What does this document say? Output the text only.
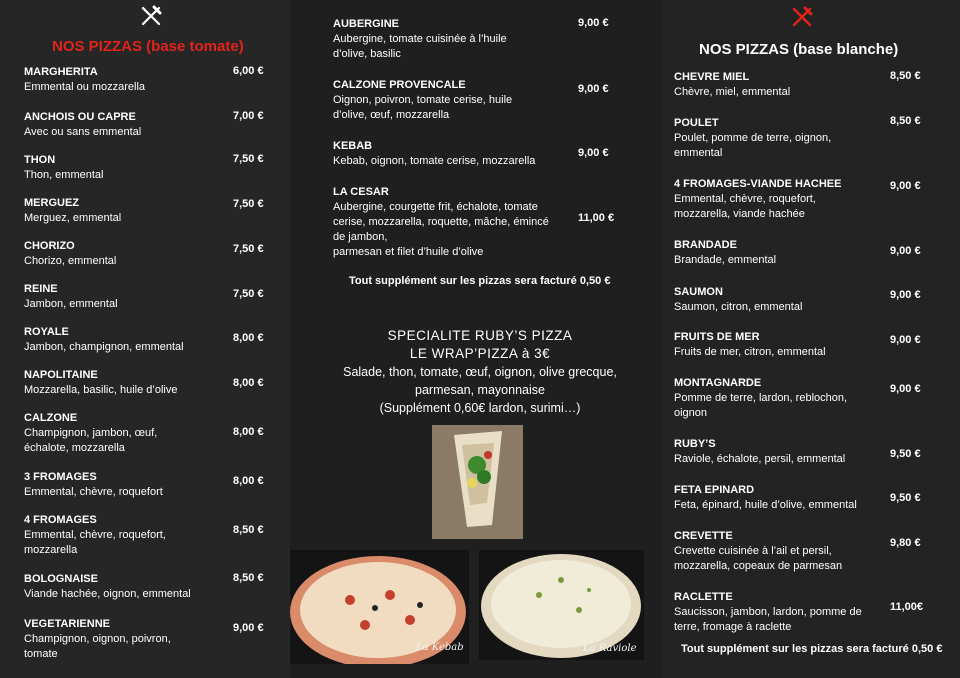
NOS PIZZAS (base tomate)	NOS PIZZAS (base blanche)
MARGHERITA
Emmental ou mozzarella
6,00 €
ANCHOIS OU CAPRE
Avec ou sans emmental
7,00 €
THON
Thon, emmental
7,50 €
MERGUEZ
Merguez, emmental
7,50 €
CHORIZO
Chorizo, emmental
7,50 €
REINE
Jambon, emmental
7,50 €
ROYALE
Jambon, champignon, emmental
8,00 €
NAPOLITAINE
Mozzarella, basilic, huile d’olive
8,00 €
CALZONE
Champignon, jambon, œuf,
échalote, mozzarella
8,00 €
3 FROMAGES
Emmental, chèvre, roquefort
8,00 €
4 FROMAGES
Emmental, chèvre, roquefort,
mozzarella
8,50 €
BOLOGNAISE
Viande hachée, oignon, emmental
8,50 €
VEGETARIENNE
Champignon, oignon, poivron,
tomate
9,00 €
AUBERGINE
Aubergine, tomate cuisinée à l’huile
d’olive, basilic
9,00 €
CALZONE PROVENCALE
Oignon, poivron, tomate cerise, huile
d’olive, œuf, mozzarella
9,00 €
KEBAB
Kebab, oignon, tomate cerise, mozzarella
9,00 €
LA CESAR
Aubergine, courgette frit, échalote, tomate
cerise, mozzarella, roquette, mâche, émincé
de jambon,
parmesan et filet d’huile d’olive
11,00 €
CHEVRE MIEL
Chèvre, miel, emmental
8,50 €
POULET
Poulet, pomme de terre, oignon,
emmental
8,50 €
4 FROMAGES-VIANDE HACHEE
Emmental, chèvre, roquefort,
mozzarella, viande hachée
9,00 €
BRANDADE
Brandade, emmental
9,00 €
SAUMON
Saumon, citron, emmental
9,00 €
FRUITS DE MER
Fruits de mer, citron, emmental
9,00 €
MONTAGNARDE
Pomme de terre, lardon, reblochon,
oignon
9,00 €
RUBY’S
Raviole, échalote, persil, emmental	9,50 €
FETA EPINARD
Feta, épinard, huile d’olive, emmental
9,50 €
CREVETTE
Crevette cuisinée à l’ail et persil,
mozzarella, copeaux de parmesan
9,80 €
RACLETTE
Saucisson, jambon, lardon, pomme de
terre, fromage à raclette
11,00€
Tout supplément sur les pizzas sera facturé 0,50 €
SPECIALITE RUBY’S PIZZA
LE WRAP’PIZZA à 3€
Salade, thon, tomate, œuf, oignon, olive grecque,
parmesan, mayonnaise
(Supplément 0,60€ lardon, surimi…)
La Kebab	La Raviole	Tout supplément sur les pizzas sera facturé 0,50 €
